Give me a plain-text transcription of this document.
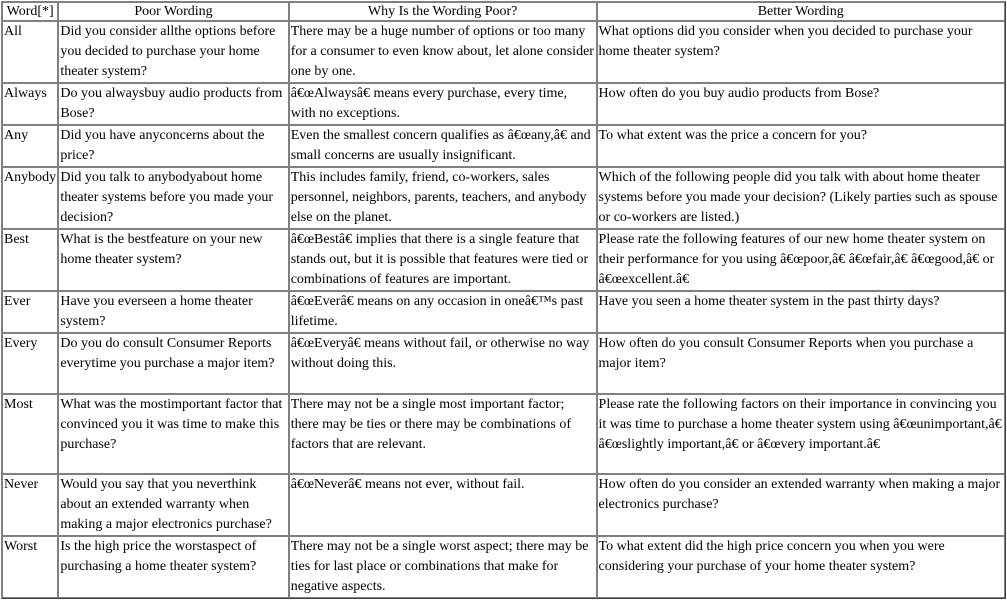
Word[*]	Poor Wording	Why Is the Wording Poor?	Better Wording
All	Did you consider allthe options before you decided to purchase your home theater system?	There may be a huge number of options or too many for a consumer to even know about, let alone consider one by one.	What options did you consider when you decided to purchase your home theater system?
Always	Do you alwaysbuy audio products from Bose?	â€œAlwaysâ€ means every purchase, every time, with no exceptions.	How often do you buy audio products from Bose?
Any	Did you have anyconcerns about the price?	Even the smallest concern qualifies as â€œany,â€ and small concerns are usually insignificant.	To what extent was the price a concern for you?
Anybody	Did you talk to anybodyabout home theater systems before you made your decision?	This includes family, friend, co-workers, sales personnel, neighbors, parents, teachers, and anybody else on the planet.	Which of the following people did you talk with about home theater systems before you made your decision? (Likely parties such as spouse or co-workers are listed.)
Best	What is the bestfeature on your new home theater system?	â€œBestâ€ implies that there is a single feature that stands out, but it is possible that features were tied or combinations of features are important.	Please rate the following features of our new home theater system on their performance for you using â€œpoor,â€ â€œfair,â€ â€œgood,â€ or â€œexcellent.â€
Ever	Have you everseen a home theater system?	â€œEverâ€ means on any occasion in oneâ€™s past lifetime.	Have you seen a home theater system in the past thirty days?
Every	Do you do consult Consumer Reports everytime you purchase a major item?	â€œEveryâ€ means without fail, or otherwise no way without doing this.	How often do you consult Consumer Reports when you purchase a major item?
Most	What was the mostimportant factor that convinced you it was time to make this purchase?	There may not be a single most important factor; there may be ties or there may be combinations of factors that are relevant.	Please rate the following factors on their importance in convincing you it was time to purchase a home theater system using â€œunimportant,â€ â€œslightly important,â€ or â€œvery important.â€
Never	Would you say that you neverthink about an extended warranty when making a major electronics purchase?	â€œNeverâ€ means not ever, without fail.	How often do you consider an extended warranty when making a major electronics purchase?
Worst	Is the high price the worstaspect of purchasing a home theater system?	There may not be a single worst aspect; there may be ties for last place or combinations that make for negative aspects.	To what extent did the high price concern you when you were considering your purchase of your home theater system?
